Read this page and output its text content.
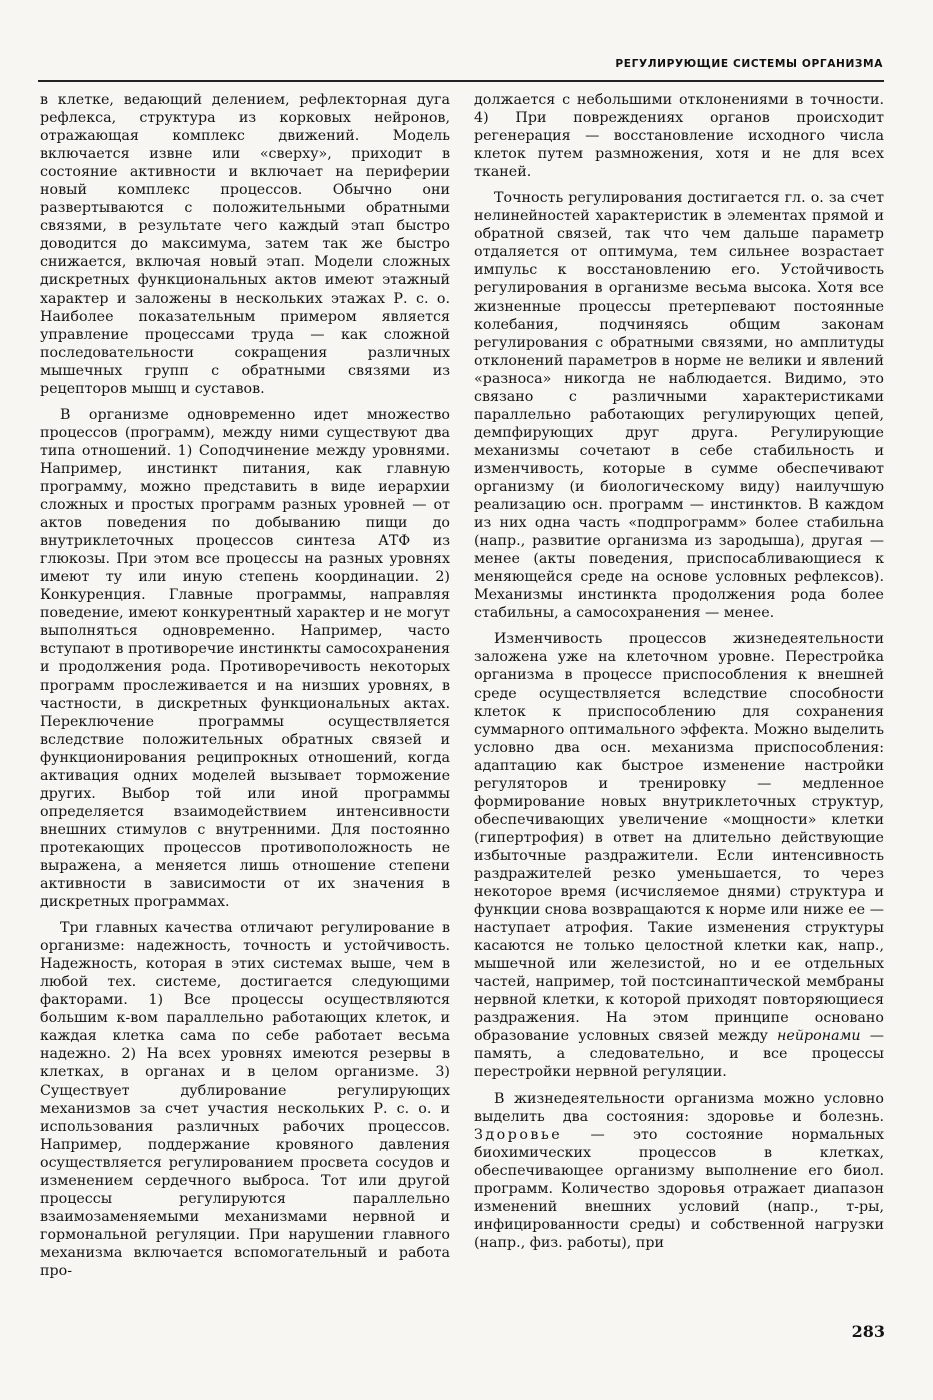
РЕГУЛИРУЮЩИЕ СИСТЕМЫ ОРГАНИЗМА

в клетке, ведающий делением, рефлекторная дуга рефлекса, структура из корковых нейронов, отражающая комплекс движений. Модель включается извне или «сверху», приходит в состояние активности и включает на периферии новый комплекс процессов. Обычно они развертываются с положительными обратными связями, в результате чего каждый этап быстро доводится до максимума, затем так же быстро снижается, включая новый этап. Модели сложных дискретных функциональных актов имеют этажный характер и заложены в нескольких этажах Р. с. о. Наиболее показательным примером является управление процессами труда — как сложной последовательности сокращения различных мышечных групп с обратными связями из рецепторов мышц и суставов.

В организме одновременно идет множество процессов (программ), между ними существуют два типа отношений. 1) Соподчинение между уровнями. Например, инстинкт питания, как главную программу, можно представить в виде иерархии сложных и простых программ разных уровней — от актов поведения по добыванию пищи до внутриклеточных процессов синтеза АТФ из глюкозы. При этом все процессы на разных уровнях имеют ту или иную степень координации. 2) Конкуренция. Главные программы, направляя поведение, имеют конкурентный характер и не могут выполняться одновременно. Например, часто вступают в противоречие инстинкты самосохранения и продолжения рода. Противоречивость некоторых программ прослеживается и на низших уровнях, в частности, в дискретных функциональных актах. Переключение программы осуществляется вследствие положительных обратных связей и функционирования реципрокных отношений, когда активация одних моделей вызывает торможение других. Выбор той или иной программы определяется взаимодействием интенсивности внешних стимулов с внутренними. Для постоянно протекающих процессов противоположность не выражена, а меняется лишь отношение степени активности в зависимости от их значения в дискретных программах.

Три главных качества отличают регулирование в организме: надежность, точность и устойчивость. Надежность, которая в этих системах выше, чем в любой тех. системе, достигается следующими факторами. 1) Все процессы осуществляются большим к-вом параллельно работающих клеток, и каждая клетка сама по себе работает весьма надежно. 2) На всех уровнях имеются резервы в клетках, в органах и в целом организме. 3) Существует дублирование регулирующих механизмов за счет участия нескольких Р. с. о. и использования различных рабочих процессов. Например, поддержание кровяного давления осуществляется регулированием просвета сосудов и изменением сердечного выброса. Тот или другой процессы регулируются параллельно взаимозаменяемыми механизмами нервной и гормональной регуляции. При нарушении главного механизма включается вспомогательный и работа про-

должается с небольшими отклонениями в точности. 4) При повреждениях органов происходит регенерация — восстановление исходного числа клеток путем размножения, хотя и не для всех тканей.

Точность регулирования достигается гл. о. за счет нелинейностей характеристик в элементах прямой и обратной связей, так что чем дальше параметр отдаляется от оптимума, тем сильнее возрастает импульс к восстановлению его. Устойчивость регулирования в организме весьма высока. Хотя все жизненные процессы претерпевают постоянные колебания, подчиняясь общим законам регулирования с обратными связями, но амплитуды отклонений параметров в норме не велики и явлений «разноса» никогда не наблюдается. Видимо, это связано с различными характеристиками параллельно работающих регулирующих цепей, демпфирующих друг друга. Регулирующие механизмы сочетают в себе стабильность и изменчивость, которые в сумме обеспечивают организму (и биологическому виду) наилучшую реализацию осн. программ — инстинктов. В каждом из них одна часть «подпрограмм» более стабильна (напр., развитие организма из зародыша), другая — менее (акты поведения, приспосабливающиеся к меняющейся среде на основе условных рефлексов). Механизмы инстинкта продолжения рода более стабильны, а самосохранения — менее.

Изменчивость процессов жизнедеятельности заложена уже на клеточном уровне. Перестройка организма в процессе приспособления к внешней среде осуществляется вследствие способности клеток к приспособлению для сохранения суммарного оптимального эффекта. Можно выделить условно два осн. механизма приспособления: адаптацию как быстрое изменение настройки регуляторов и тренировку — медленное формирование новых внутриклеточных структур, обеспечивающих увеличение «мощности» клетки (гипертрофия) в ответ на длительно действующие избыточные раздражители. Если интенсивность раздражителей резко уменьшается, то через некоторое время (исчисляемое днями) структура и функции снова возвращаются к норме или ниже ее — наступает атрофия. Такие изменения структуры касаются не только целостной клетки как, напр., мышечной или железистой, но и ее отдельных частей, например, той постсинаптической мембраны нервной клетки, к которой приходят повторяющиеся раздражения. На этом принципе основано образование условных связей между нейронами — память, а следовательно, и все процессы перестройки нервной регуляции.

В жизнедеятельности организма можно условно выделить два состояния: здоровье и болезнь. Здоровье — это состояние нормальных биохимических процессов в клетках, обеспечивающее организму выполнение его биол. программ. Количество здоровья отражает диапазон изменений внешних условий (напр., т-ры, инфицированности среды) и собственной нагрузки (напр., физ. работы), при

283
